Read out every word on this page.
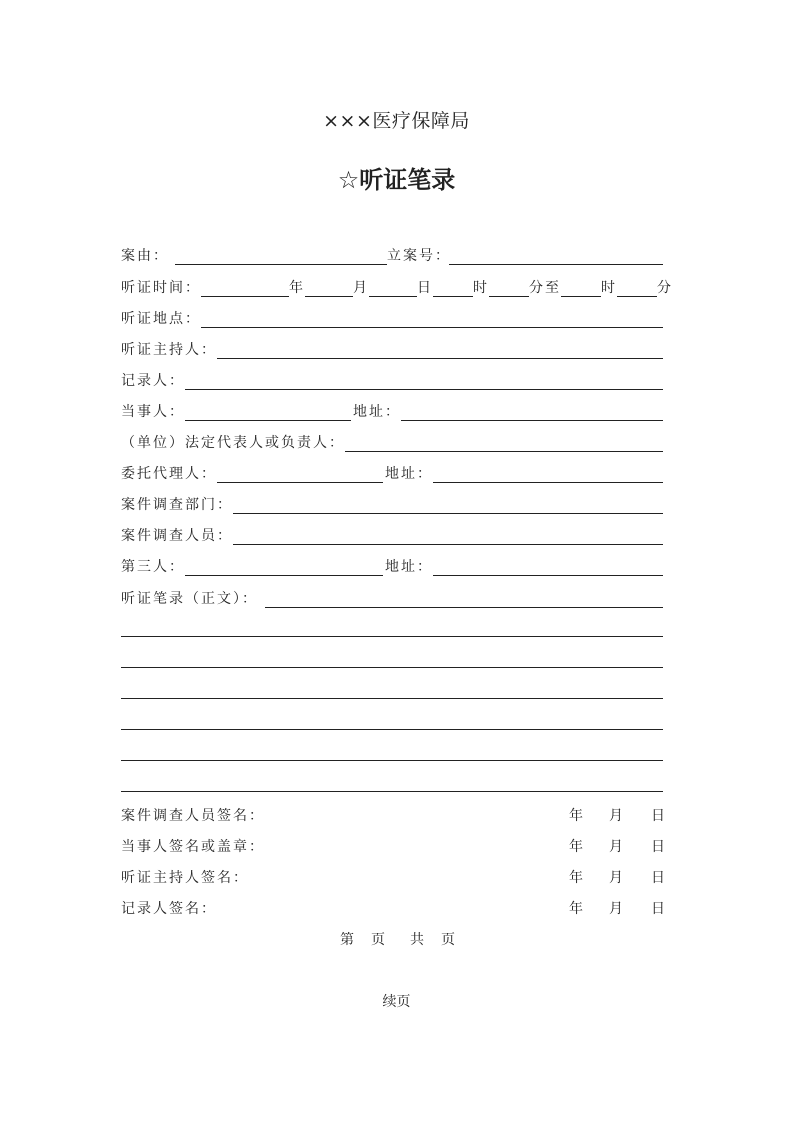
×××医疗保障局
☆听证笔录
案由：	立案号：
听证时间：	年	月	日	时	分至	时	分
听证地点：
听证主持人：
记录人：
当事人：	地址：
（单位）法定代表人或负责人：
委托代理人：	地址：
案件调查部门：
案件调查人员：
第三人：	地址：
听证笔录（正文）：
案件调查人员签名：	年 月 日
当事人签名或盖章：	年 月 日
听证主持人签名：	年 月 日
记录人签名：	年 月 日
第 页 共 页
续页
